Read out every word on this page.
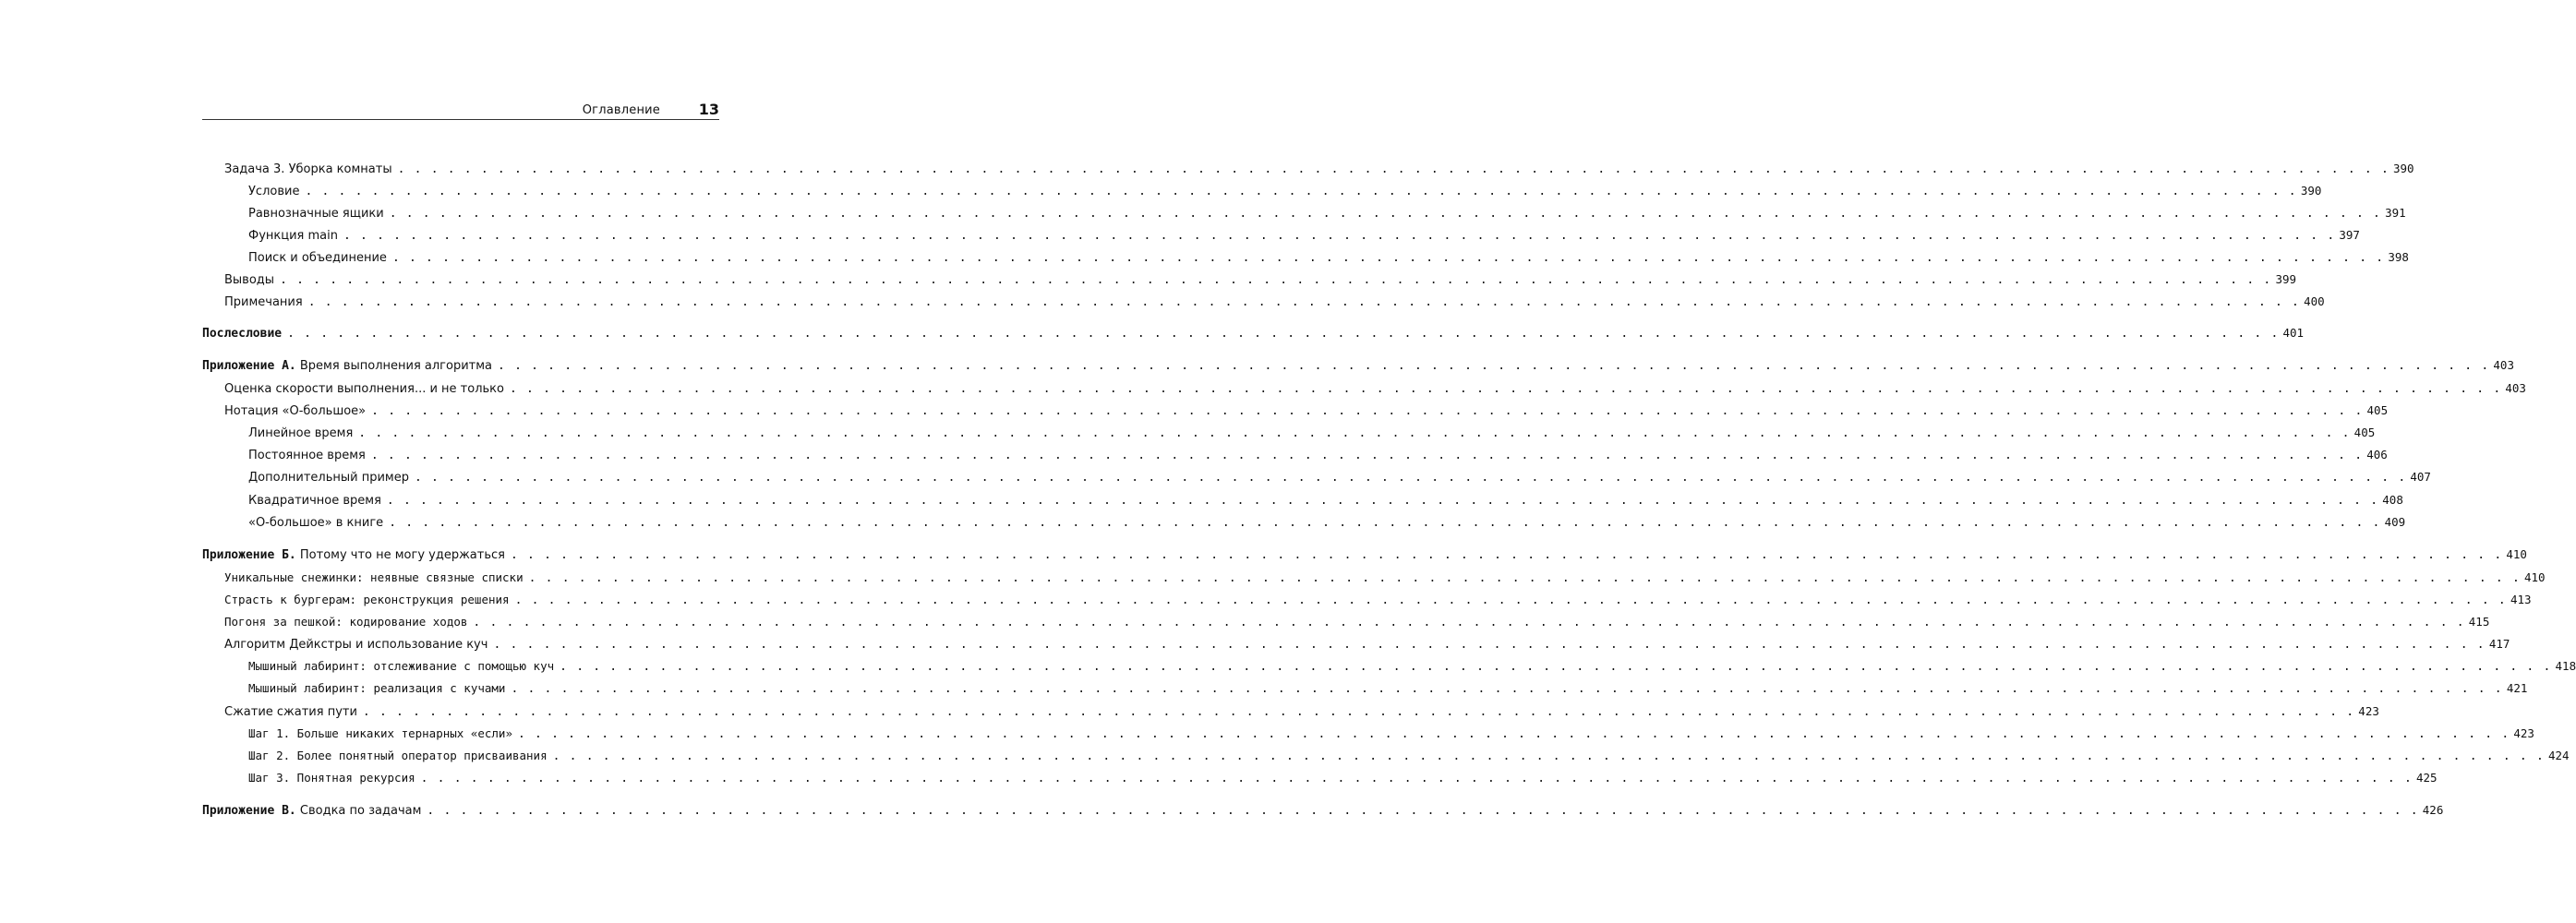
Оглавление	13
Задача 3. Уборка комнаты . . . . . . . . . . . . . . . . . . . . . . . . . . . . . . . . . . . . . . . . . . . . . . . . . . . . . . . . . . . . . . . . . . . . . . . . . . . . . . . . . . . . . . . . . . . . . . . . . . . . . . . . . . . . . . . . . . . . . . . . 390
Условие . . . . . . . . . . . . . . . . . . . . . . . . . . . . . . . . . . . . . . . . . . . . . . . . . . . . . . . . . . . . . . . . . . . . . . . . . . . . . . . . . . . . . . . . . . . . . . . . . . . . . . . . . . . . . . . . . . . . . . . . 390
Равнозначные ящики . . . . . . . . . . . . . . . . . . . . . . . . . . . . . . . . . . . . . . . . . . . . . . . . . . . . . . . . . . . . . . . . . . . . . . . . . . . . . . . . . . . . . . . . . . . . . . . . . . . . . . . . . . . . . . . . . . . . . . . . 391
Функция main . . . . . . . . . . . . . . . . . . . . . . . . . . . . . . . . . . . . . . . . . . . . . . . . . . . . . . . . . . . . . . . . . . . . . . . . . . . . . . . . . . . . . . . . . . . . . . . . . . . . . . . . . . . . . . . . . . . . . . . . 397
Поиск и объединение . . . . . . . . . . . . . . . . . . . . . . . . . . . . . . . . . . . . . . . . . . . . . . . . . . . . . . . . . . . . . . . . . . . . . . . . . . . . . . . . . . . . . . . . . . . . . . . . . . . . . . . . . . . . . . . . . . . . . . . . 398
Выводы . . . . . . . . . . . . . . . . . . . . . . . . . . . . . . . . . . . . . . . . . . . . . . . . . . . . . . . . . . . . . . . . . . . . . . . . . . . . . . . . . . . . . . . . . . . . . . . . . . . . . . . . . . . . . . . . . . . . . . . . 399
Примечания . . . . . . . . . . . . . . . . . . . . . . . . . . . . . . . . . . . . . . . . . . . . . . . . . . . . . . . . . . . . . . . . . . . . . . . . . . . . . . . . . . . . . . . . . . . . . . . . . . . . . . . . . . . . . . . . . . . . . . . . 400
Послесловие . . . . . . . . . . . . . . . . . . . . . . . . . . . . . . . . . . . . . . . . . . . . . . . . . . . . . . . . . . . . . . . . . . . . . . . . . . . . . . . . . . . . . . . . . . . . . . . . . . . . . . . . . . . . . . . . . . . . . . . . 401
Приложение А. Время выполнения алгоритма . . . . . . . . . . . . . . . . . . . . . . . . . . . . . . . . . . . . . . . . . . . . . . . . . . . . . . . . . . . . . . . . . . . . . . . . . . . . . . . . . . . . . . . . . . . . . . . . . . . . . . . . . . . . . . . . . . . . . . . . 403
Оценка скорости выполнения... и не только . . . . . . . . . . . . . . . . . . . . . . . . . . . . . . . . . . . . . . . . . . . . . . . . . . . . . . . . . . . . . . . . . . . . . . . . . . . . . . . . . . . . . . . . . . . . . . . . . . . . . . . . . . . . . . . . . . . . . . . . 403
Нотация «О-большое» . . . . . . . . . . . . . . . . . . . . . . . . . . . . . . . . . . . . . . . . . . . . . . . . . . . . . . . . . . . . . . . . . . . . . . . . . . . . . . . . . . . . . . . . . . . . . . . . . . . . . . . . . . . . . . . . . . . . . . . . 405
Линейное время . . . . . . . . . . . . . . . . . . . . . . . . . . . . . . . . . . . . . . . . . . . . . . . . . . . . . . . . . . . . . . . . . . . . . . . . . . . . . . . . . . . . . . . . . . . . . . . . . . . . . . . . . . . . . . . . . . . . . . . . 405
Постоянное время . . . . . . . . . . . . . . . . . . . . . . . . . . . . . . . . . . . . . . . . . . . . . . . . . . . . . . . . . . . . . . . . . . . . . . . . . . . . . . . . . . . . . . . . . . . . . . . . . . . . . . . . . . . . . . . . . . . . . . . . 406
Дополнительный пример . . . . . . . . . . . . . . . . . . . . . . . . . . . . . . . . . . . . . . . . . . . . . . . . . . . . . . . . . . . . . . . . . . . . . . . . . . . . . . . . . . . . . . . . . . . . . . . . . . . . . . . . . . . . . . . . . . . . . . . . 407
Квадратичное время . . . . . . . . . . . . . . . . . . . . . . . . . . . . . . . . . . . . . . . . . . . . . . . . . . . . . . . . . . . . . . . . . . . . . . . . . . . . . . . . . . . . . . . . . . . . . . . . . . . . . . . . . . . . . . . . . . . . . . . . 408
«О-большое» в книге . . . . . . . . . . . . . . . . . . . . . . . . . . . . . . . . . . . . . . . . . . . . . . . . . . . . . . . . . . . . . . . . . . . . . . . . . . . . . . . . . . . . . . . . . . . . . . . . . . . . . . . . . . . . . . . . . . . . . . . . 409
Приложение Б. Потому что не могу удержаться . . . . . . . . . . . . . . . . . . . . . . . . . . . . . . . . . . . . . . . . . . . . . . . . . . . . . . . . . . . . . . . . . . . . . . . . . . . . . . . . . . . . . . . . . . . . . . . . . . . . . . . . . . . . . . . . . . . . . . . . 410
Уникальные снежинки: неявные связные списки . . . . . . . . . . . . . . . . . . . . . . . . . . . . . . . . . . . . . . . . . . . . . . . . . . . . . . . . . . . . . . . . . . . . . . . . . . . . . . . . . . . . . . . . . . . . . . . . . . . . . . . . . . . . . . . . . . . . . . . . 410
Страсть к бургерам: реконструкция решения . . . . . . . . . . . . . . . . . . . . . . . . . . . . . . . . . . . . . . . . . . . . . . . . . . . . . . . . . . . . . . . . . . . . . . . . . . . . . . . . . . . . . . . . . . . . . . . . . . . . . . . . . . . . . . . . . . . . . . . . 413
Погоня за пешкой: кодирование ходов . . . . . . . . . . . . . . . . . . . . . . . . . . . . . . . . . . . . . . . . . . . . . . . . . . . . . . . . . . . . . . . . . . . . . . . . . . . . . . . . . . . . . . . . . . . . . . . . . . . . . . . . . . . . . . . . . . . . . . . . 415
Алгоритм Дейкстры и использование куч . . . . . . . . . . . . . . . . . . . . . . . . . . . . . . . . . . . . . . . . . . . . . . . . . . . . . . . . . . . . . . . . . . . . . . . . . . . . . . . . . . . . . . . . . . . . . . . . . . . . . . . . . . . . . . . . . . . . . . . . 417
Мышиный лабиринт: отслеживание с помощью куч . . . . . . . . . . . . . . . . . . . . . . . . . . . . . . . . . . . . . . . . . . . . . . . . . . . . . . . . . . . . . . . . . . . . . . . . . . . . . . . . . . . . . . . . . . . . . . . . . . . . . . . . . . . . . . . . . . . . . . . . 418
Мышиный лабиринт: реализация с кучами . . . . . . . . . . . . . . . . . . . . . . . . . . . . . . . . . . . . . . . . . . . . . . . . . . . . . . . . . . . . . . . . . . . . . . . . . . . . . . . . . . . . . . . . . . . . . . . . . . . . . . . . . . . . . . . . . . . . . . . . 421
Сжатие сжатия пути . . . . . . . . . . . . . . . . . . . . . . . . . . . . . . . . . . . . . . . . . . . . . . . . . . . . . . . . . . . . . . . . . . . . . . . . . . . . . . . . . . . . . . . . . . . . . . . . . . . . . . . . . . . . . . . . . . . . . . . . 423
Шаг 1. Больше никаких тернарных «если» . . . . . . . . . . . . . . . . . . . . . . . . . . . . . . . . . . . . . . . . . . . . . . . . . . . . . . . . . . . . . . . . . . . . . . . . . . . . . . . . . . . . . . . . . . . . . . . . . . . . . . . . . . . . . . . . . . . . . . . . 423
Шаг 2. Более понятный оператор присваивания . . . . . . . . . . . . . . . . . . . . . . . . . . . . . . . . . . . . . . . . . . . . . . . . . . . . . . . . . . . . . . . . . . . . . . . . . . . . . . . . . . . . . . . . . . . . . . . . . . . . . . . . . . . . . . . . . . . . . . . . 424
Шаг 3. Понятная рекурсия . . . . . . . . . . . . . . . . . . . . . . . . . . . . . . . . . . . . . . . . . . . . . . . . . . . . . . . . . . . . . . . . . . . . . . . . . . . . . . . . . . . . . . . . . . . . . . . . . . . . . . . . . . . . . . . . . . . . . . . . 425
Приложение В. Сводка по задачам . . . . . . . . . . . . . . . . . . . . . . . . . . . . . . . . . . . . . . . . . . . . . . . . . . . . . . . . . . . . . . . . . . . . . . . . . . . . . . . . . . . . . . . . . . . . . . . . . . . . . . . . . . . . . . . . . . . . . . . . 426
